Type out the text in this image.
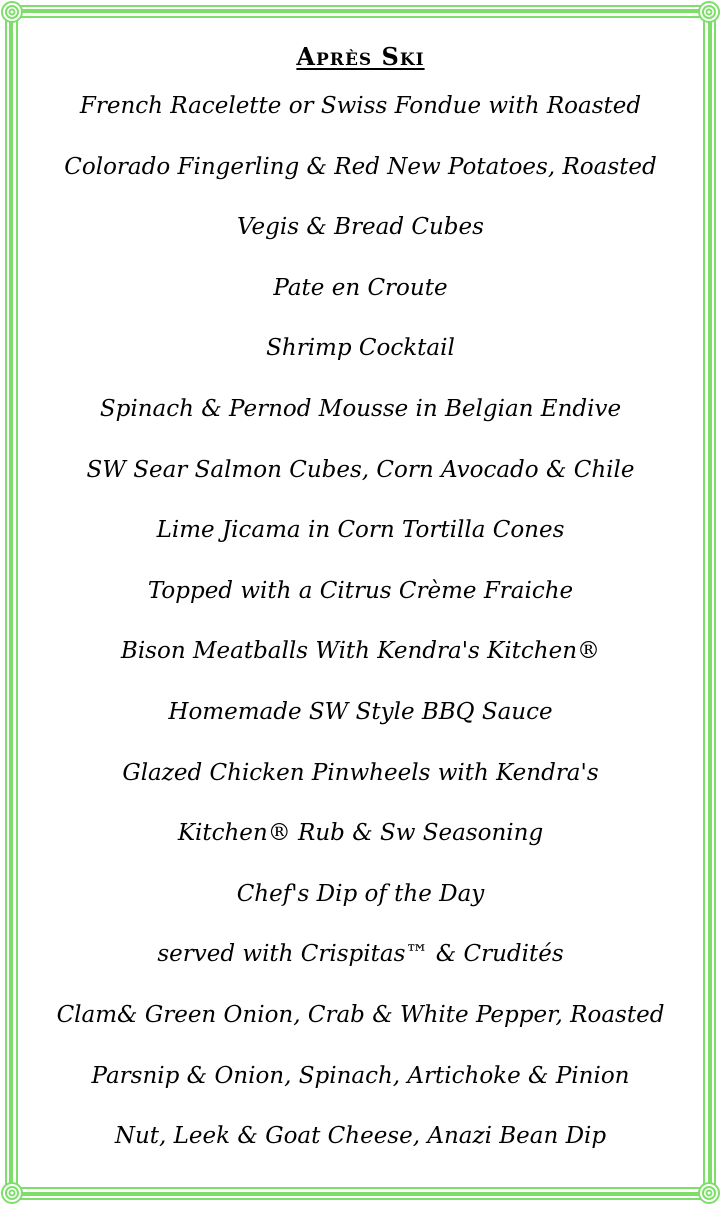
Après Ski
French Racelette or Swiss Fondue with Roasted
Colorado Fingerling & Red New Potatoes, Roasted
Vegis & Bread Cubes
Pate en Croute
Shrimp Cocktail
Spinach & Pernod Mousse in Belgian Endive
SW Sear Salmon Cubes, Corn Avocado & Chile
Lime Jicama in Corn Tortilla Cones
Topped with a Citrus Crème Fraiche
Bison Meatballs With Kendra's Kitchen®
Homemade SW Style BBQ Sauce
Glazed Chicken Pinwheels with Kendra's
Kitchen® Rub & Sw Seasoning
Chef's Dip of the Day
served with Crispitas™ & Crudités
Clam& Green Onion, Crab & White Pepper, Roasted
Parsnip & Onion, Spinach, Artichoke & Pinion
Nut, Leek & Goat Cheese, Anazi Bean Dip
